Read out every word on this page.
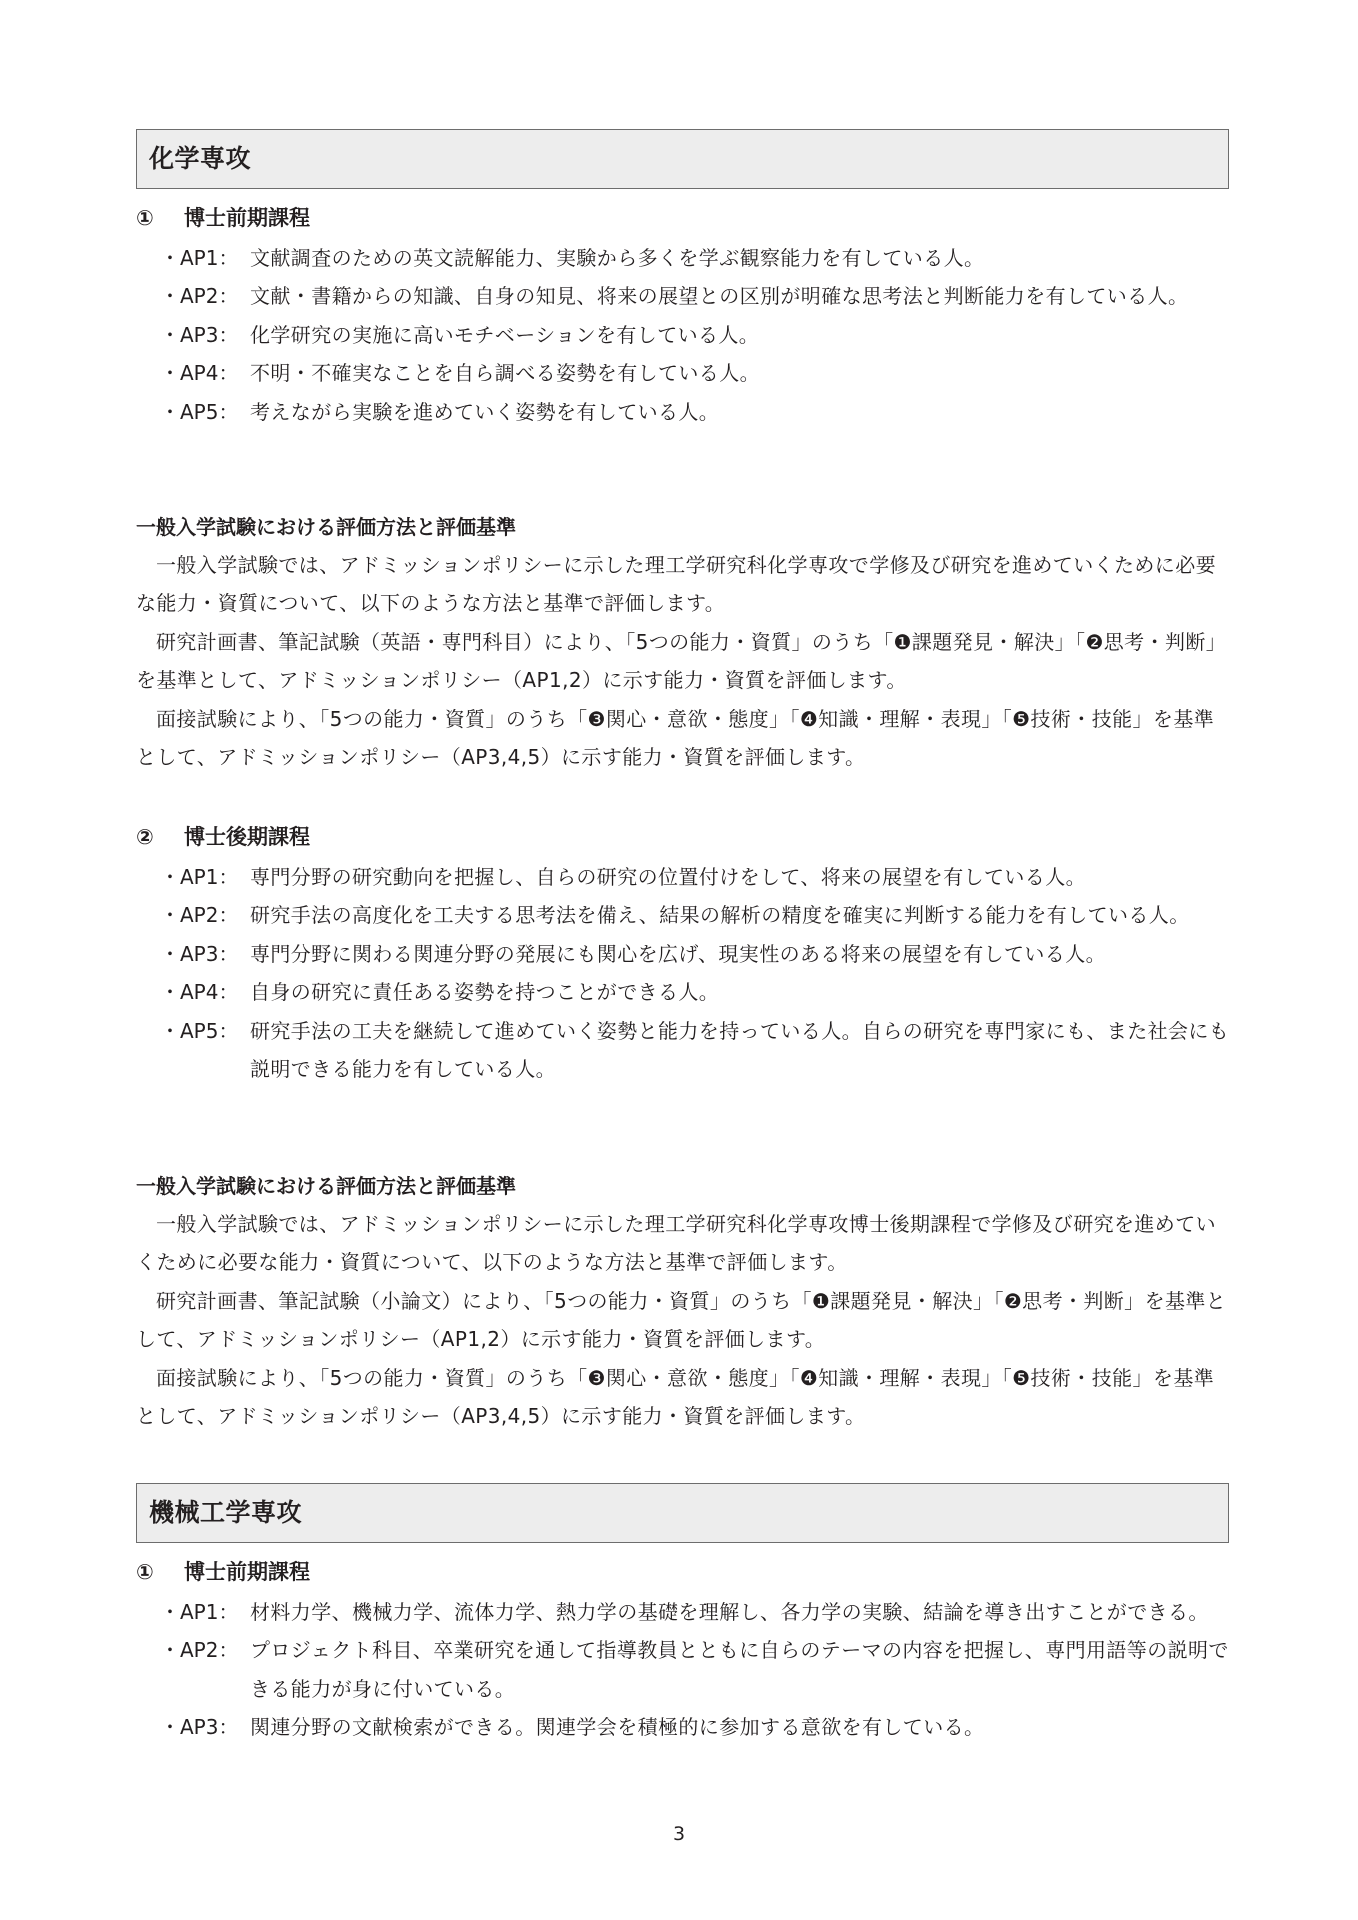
化学専攻
① 博士前期課程
・AP1： 文献調査のための英文読解能力、実験から多くを学ぶ観察能力を有している人。
・AP2： 文献・書籍からの知識、自身の知見、将来の展望との区別が明確な思考法と判断能力を有している人。
・AP3： 化学研究の実施に高いモチベーションを有している人。
・AP4： 不明・不確実なことを自ら調べる姿勢を有している人。
・AP5： 考えながら実験を進めていく姿勢を有している人。
一般入学試験における評価方法と評価基準

一般入学試験では、アドミッションポリシーに示した理工学研究科化学専攻で学修及び研究を進めていくために必要な能力・資質について、以下のような方法と基準で評価します。

研究計画書、筆記試験（英語・専門科目）により、「5つの能力・資質」のうち「❶課題発見・解決」「❷思考・判断」を基準として、アドミッションポリシー（AP1,2）に示す能力・資質を評価します。

面接試験により、「5つの能力・資質」のうち「❸関心・意欲・態度」「❹知識・理解・表現」「❺技術・技能」を基準として、アドミッションポリシー（AP3,4,5）に示す能力・資質を評価します。

② 博士後期課程
・AP1： 専門分野の研究動向を把握し、自らの研究の位置付けをして、将来の展望を有している人。
・AP2： 研究手法の高度化を工夫する思考法を備え、結果の解析の精度を確実に判断する能力を有している人。
・AP3： 専門分野に関わる関連分野の発展にも関心を広げ、現実性のある将来の展望を有している人。
・AP4： 自身の研究に責任ある姿勢を持つことができる人。
・AP5： 研究手法の工夫を継続して進めていく姿勢と能力を持っている人。自らの研究を専門家にも、また社会にも説明できる能力を有している人。
一般入学試験における評価方法と評価基準

一般入学試験では、アドミッションポリシーに示した理工学研究科化学専攻博士後期課程で学修及び研究を進めていくために必要な能力・資質について、以下のような方法と基準で評価します。

研究計画書、筆記試験（小論文）により、「5つの能力・資質」のうち「❶課題発見・解決」「❷思考・判断」を基準として、アドミッションポリシー（AP1,2）に示す能力・資質を評価します。

面接試験により、「5つの能力・資質」のうち「❸関心・意欲・態度」「❹知識・理解・表現」「❺技術・技能」を基準として、アドミッションポリシー（AP3,4,5）に示す能力・資質を評価します。

機械工学専攻
① 博士前期課程
・AP1： 材料力学、機械力学、流体力学、熱力学の基礎を理解し、各力学の実験、結論を導き出すことができる。
・AP2： プロジェクト科目、卒業研究を通して指導教員とともに自らのテーマの内容を把握し、専門用語等の説明できる能力が身に付いている。
・AP3： 関連分野の文献検索ができる。関連学会を積極的に参加する意欲を有している。
3
